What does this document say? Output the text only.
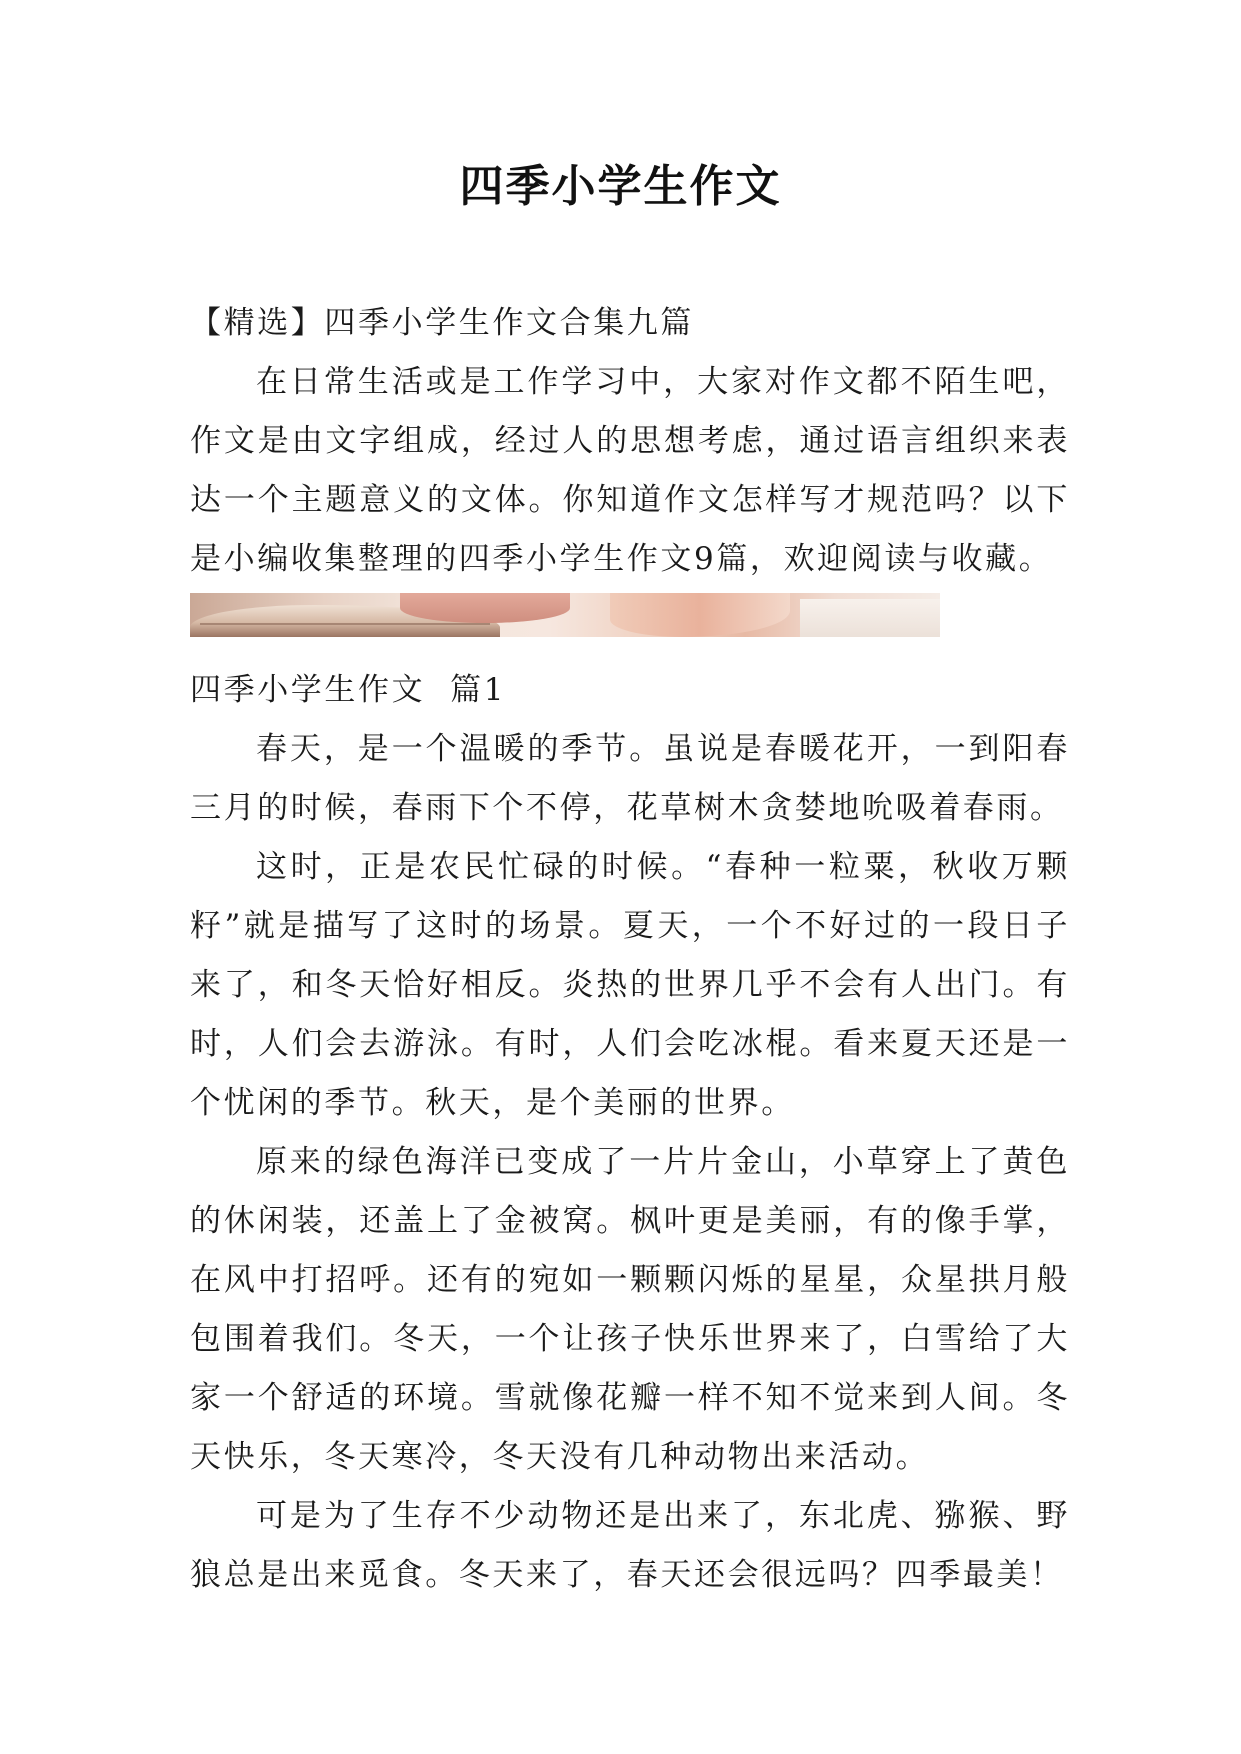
四季小学生作文

【精选】四季小学生作文合集九篇

在日常生活或是工作学习中，大家对作文都不陌生吧，作文是由文字组成，经过人的思想考虑，通过语言组织来表达一个主题意义的文体。你知道作文怎样写才规范吗？以下是小编收集整理的四季小学生作文9篇，欢迎阅读与收藏。

四季小学生作文  篇1

春天，是一个温暖的季节。虽说是春暖花开，一到阳春三月的时候，春雨下个不停，花草树木贪婪地吮吸着春雨。

这时，正是农民忙碌的时候。“春种一粒粟，秋收万颗籽”就是描写了这时的场景。夏天，一个不好过的一段日子来了，和冬天恰好相反。炎热的世界几乎不会有人出门。有时，人们会去游泳。有时，人们会吃冰棍。看来夏天还是一个忧闲的季节。秋天，是个美丽的世界。

原来的绿色海洋已变成了一片片金山，小草穿上了黄色的休闲装，还盖上了金被窝。枫叶更是美丽，有的像手掌，在风中打招呼。还有的宛如一颗颗闪烁的星星，众星拱月般包围着我们。冬天，一个让孩子快乐世界来了，白雪给了大家一个舒适的环境。雪就像花瓣一样不知不觉来到人间。冬天快乐，冬天寒冷，冬天没有几种动物出来活动。

可是为了生存不少动物还是出来了，东北虎、猕猴、野狼总是出来觅食。冬天来了，春天还会很远吗？四季最美！
